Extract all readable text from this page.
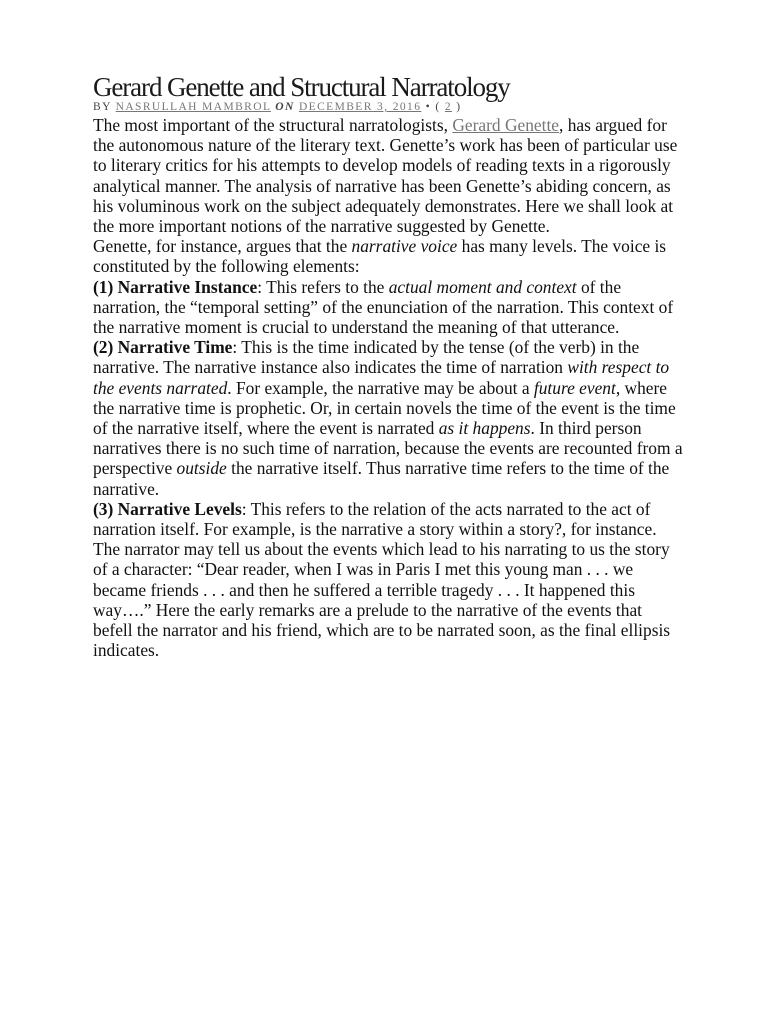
Gerard Genette and Structural Narratology
BY NASRULLAH MAMBROL ON DECEMBER 3, 2016 • ( 2 )

The most important of the structural narratologists, Gerard Genette, has argued for the autonomous nature of the literary text. Genette’s work has been of particular use to literary critics for his attempts to develop models of reading texts in a rigorously analytical manner. The analysis of narrative has been Genette’s abiding concern, as his voluminous work on the subject adequately demonstrates. Here we shall look at the more important notions of the narrative suggested by Genette.

Genette, for instance, argues that the narrative voice has many levels. The voice is constituted by the following elements:

(1) Narrative Instance: This refers to the actual moment and context of the narration, the “temporal setting” of the enunciation of the narration. This context of the narrative moment is crucial to understand the meaning of that utterance.

(2) Narrative Time: This is the time indicated by the tense (of the verb) in the narrative. The narrative instance also indicates the time of narration with respect to the events narrated. For example, the narrative may be about a future event, where the narrative time is prophetic. Or, in certain novels the time of the event is the time of the narrative itself, where the event is narrated as it happens. In third person narratives there is no such time of narration, because the events are recounted from a perspective outside the narrative itself. Thus narrative time refers to the time of the narrative.

(3) Narrative Levels: This refers to the relation of the acts narrated to the act of narration itself. For example, is the narrative a story within a story?, for instance. The narrator may tell us about the events which lead to his narrating to us the story of a character: “Dear reader, when I was in Paris I met this young man . . . we became friends . . . and then he suffered a terrible tragedy . . . It happened this way….” Here the early remarks are a prelude to the narrative of the events that befell the narrator and his friend, which are to be narrated soon, as the final ellipsis indicates.
